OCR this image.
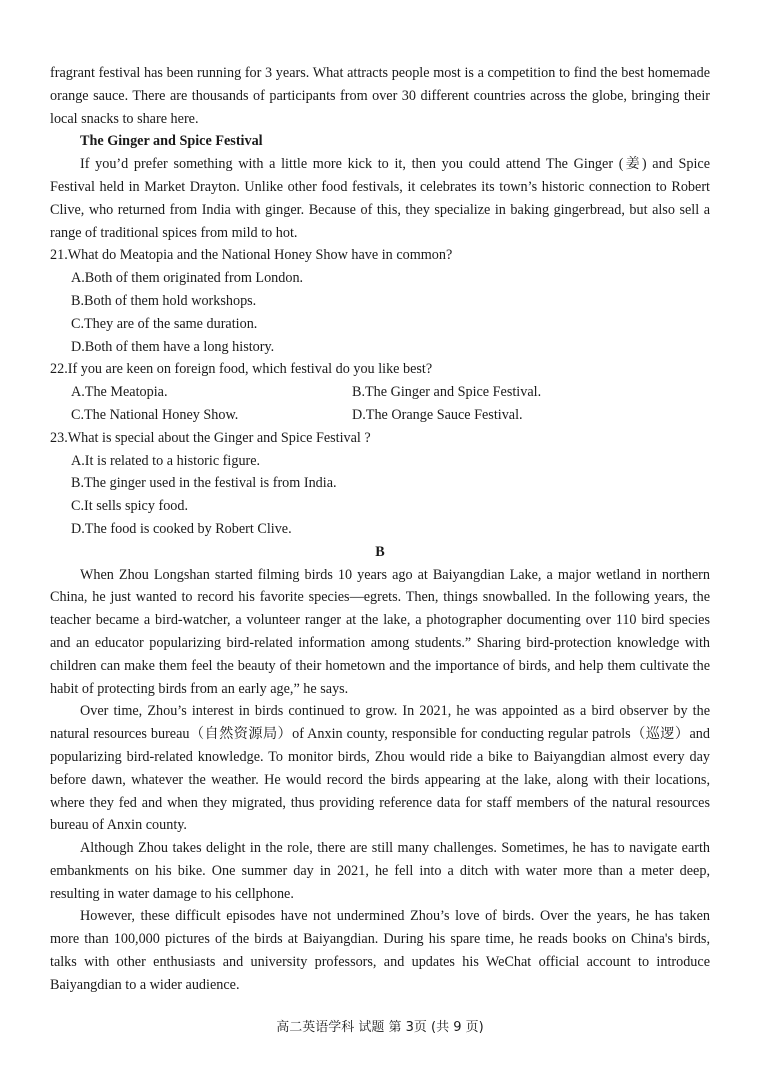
fragrant festival has been running for 3 years. What attracts people most is a competition to find the best homemade orange sauce. There are thousands of participants from over 30 different countries across the globe, bringing their local snacks to share here.

The Ginger and Spice Festival

If you’d prefer something with a little more kick to it, then you could attend The Ginger (姜) and Spice Festival held in Market Drayton. Unlike other food festivals, it celebrates its town’s historic connection to Robert Clive, who returned from India with ginger. Because of this, they specialize in baking gingerbread, but also sell a range of traditional spices from mild to hot.

21.What do Meatopia and the National Honey Show have in common?

A.Both of them originated from London.

B.Both of them hold workshops.

C.They are of the same duration.

D.Both of them have a long history.

22.If you are keen on foreign food, which festival do you like best?

A.The Meatopia.	B.The Ginger and Spice Festival.
C.The National Honey Show.	D.The Orange Sauce Festival.

23.What is special about the Ginger and Spice Festival ?

A.It is related to a historic figure.

B.The ginger used in the festival is from India.

C.It sells spicy food.

D.The food is cooked by Robert Clive.

B

When Zhou Longshan started filming birds 10 years ago at Baiyangdian Lake, a major wetland in northern China, he just wanted to record his favorite species—egrets. Then, things snowballed. In the following years, the teacher became a bird-watcher, a volunteer ranger at the lake, a photographer documenting over 110 bird species and an educator popularizing bird-related information among students.” Sharing bird-protection knowledge with children can make them feel the beauty of their hometown and the importance of birds, and help them cultivate the habit of protecting birds from an early age,” he says.

Over time, Zhou’s interest in birds continued to grow. In 2021, he was appointed as a bird observer by the natural resources bureau（自然资源局）of Anxin county, responsible for conducting regular patrols（巡逻）and popularizing bird-related knowledge. To monitor birds, Zhou would ride a bike to Baiyangdian almost every day before dawn, whatever the weather. He would record the birds appearing at the lake, along with their locations, where they fed and when they migrated, thus providing reference data for staff members of the natural resources bureau of Anxin county.

Although Zhou takes delight in the role, there are still many challenges. Sometimes, he has to navigate earth embankments on his bike. One summer day in 2021, he fell into a ditch with water more than a meter deep, resulting in water damage to his cellphone.

However, these difficult episodes have not undermined Zhou’s love of birds. Over the years, he has taken more than 100,000 pictures of the birds at Baiyangdian. During his spare time, he reads books on China's birds, talks with other enthusiasts and university professors, and updates his WeChat official account to introduce Baiyangdian to a wider audience.

高二英语学科 试题 第 3页 (共 9 页)
